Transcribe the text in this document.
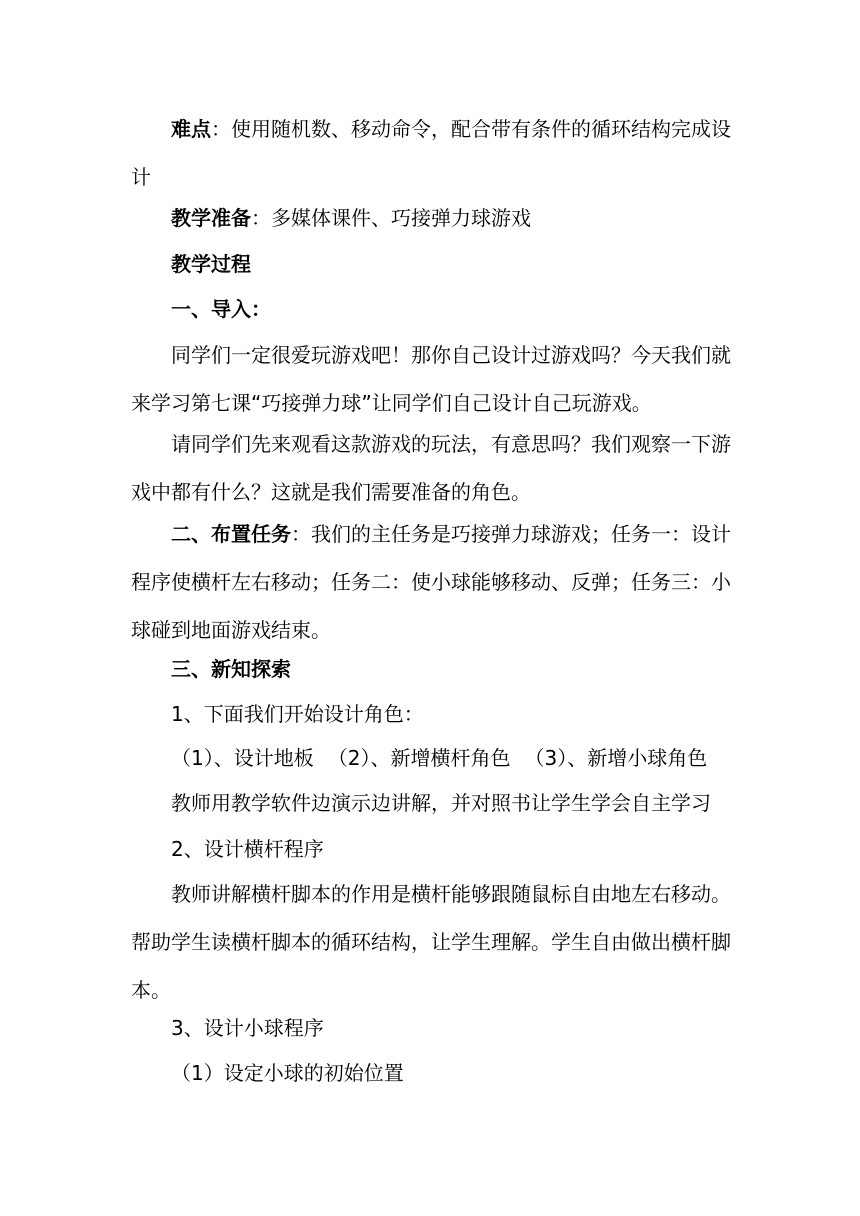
难点：使用随机数、移动命令，配合带有条件的循环结构完成设计

教学准备：多媒体课件、巧接弹力球游戏

教学过程

一、导入：

同学们一定很爱玩游戏吧！那你自己设计过游戏吗？今天我们就来学习第七课“巧接弹力球”让同学们自己设计自己玩游戏。

请同学们先来观看这款游戏的玩法，有意思吗？我们观察一下游戏中都有什么？这就是我们需要准备的角色。

二、布置任务：我们的主任务是巧接弹力球游戏；任务一：设计程序使横杆左右移动；任务二：使小球能够移动、反弹；任务三：小球碰到地面游戏结束。

三、新知探索

1、下面我们开始设计角色：

（1）、设计地板 （2）、新增横杆角色 （3）、新增小球角色

教师用教学软件边演示边讲解，并对照书让学生学会自主学习

2、设计横杆程序

教师讲解横杆脚本的作用是横杆能够跟随鼠标自由地左右移动。帮助学生读横杆脚本的循环结构，让学生理解。学生自由做出横杆脚本。

3、设计小球程序

（1）设定小球的初始位置
